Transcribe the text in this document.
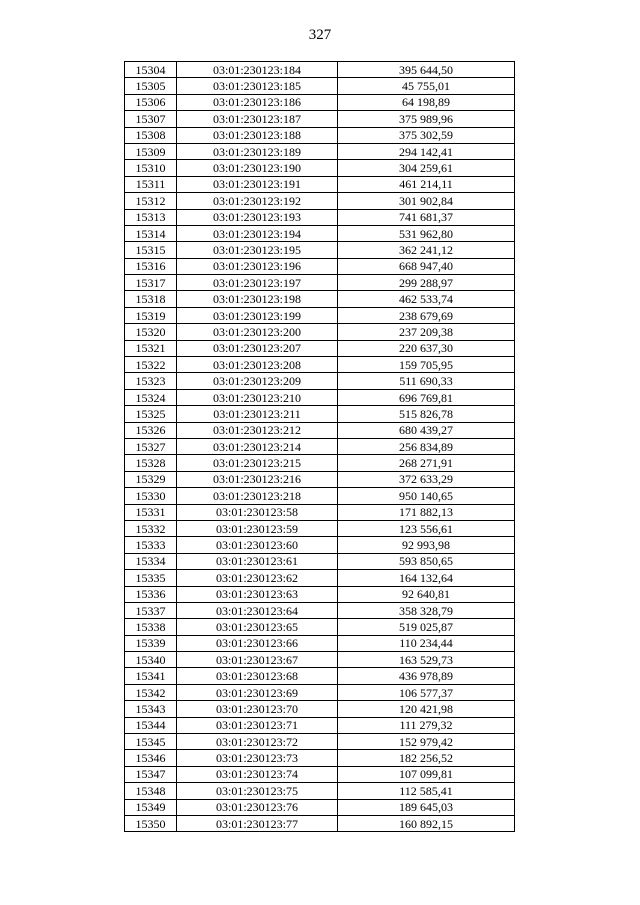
327
15304	03:01:230123:184	395 644,50
15305	03:01:230123:185	45 755,01
15306	03:01:230123:186	64 198,89
15307	03:01:230123:187	375 989,96
15308	03:01:230123:188	375 302,59
15309	03:01:230123:189	294 142,41
15310	03:01:230123:190	304 259,61
15311	03:01:230123:191	461 214,11
15312	03:01:230123:192	301 902,84
15313	03:01:230123:193	741 681,37
15314	03:01:230123:194	531 962,80
15315	03:01:230123:195	362 241,12
15316	03:01:230123:196	668 947,40
15317	03:01:230123:197	299 288,97
15318	03:01:230123:198	462 533,74
15319	03:01:230123:199	238 679,69
15320	03:01:230123:200	237 209,38
15321	03:01:230123:207	220 637,30
15322	03:01:230123:208	159 705,95
15323	03:01:230123:209	511 690,33
15324	03:01:230123:210	696 769,81
15325	03:01:230123:211	515 826,78
15326	03:01:230123:212	680 439,27
15327	03:01:230123:214	256 834,89
15328	03:01:230123:215	268 271,91
15329	03:01:230123:216	372 633,29
15330	03:01:230123:218	950 140,65
15331	03:01:230123:58	171 882,13
15332	03:01:230123:59	123 556,61
15333	03:01:230123:60	92 993,98
15334	03:01:230123:61	593 850,65
15335	03:01:230123:62	164 132,64
15336	03:01:230123:63	92 640,81
15337	03:01:230123:64	358 328,79
15338	03:01:230123:65	519 025,87
15339	03:01:230123:66	110 234,44
15340	03:01:230123:67	163 529,73
15341	03:01:230123:68	436 978,89
15342	03:01:230123:69	106 577,37
15343	03:01:230123:70	120 421,98
15344	03:01:230123:71	111 279,32
15345	03:01:230123:72	152 979,42
15346	03:01:230123:73	182 256,52
15347	03:01:230123:74	107 099,81
15348	03:01:230123:75	112 585,41
15349	03:01:230123:76	189 645,03
15350	03:01:230123:77	160 892,15
